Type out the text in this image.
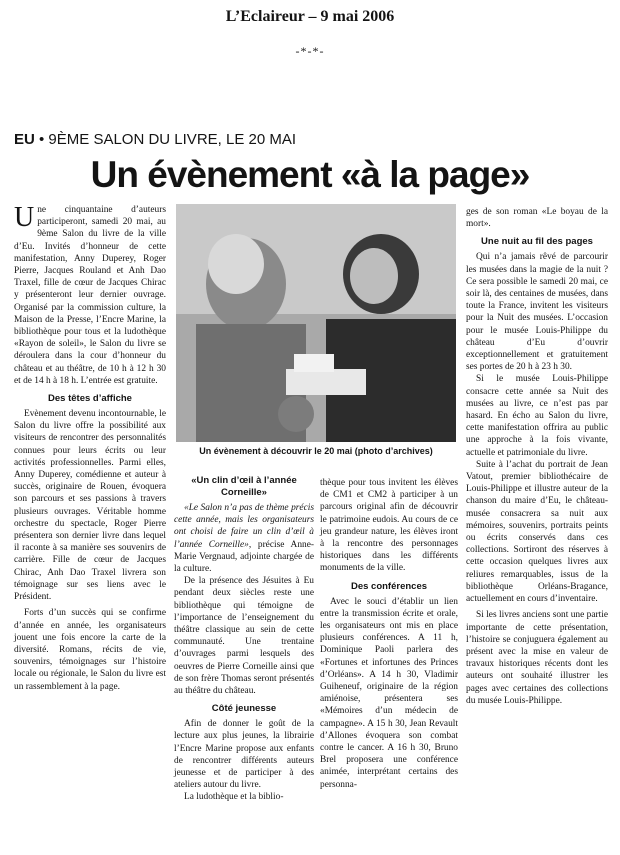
L’Eclaireur – 9 mai 2006
-*-*-
EU • 9ÈME SALON DU LIVRE, LE 20 MAI
Un évènement «à la page»
Un évènement à découvrir le 20 mai (photo d’archives)

Une cinquantaine d’auteurs participeront, samedi 20 mai, au 9ème Salon du livre de la ville d’Eu. Invités d’honneur de cette manifestation, Anny Duperey, Roger Pierre, Jacques Rouland et Anh Dao Traxel, fille de cœur de Jacques Chirac y présenteront leur dernier ouvrage. Organisé par la commission culture, la Maison de la Presse, l’Encre Marine, la bibliothèque pour tous et la ludothèque «Rayon de soleil», le Salon du livre se déroulera dans la cour d’honneur du château et au théâtre, de 10 h à 12 h 30 et de 14 h à 18 h. L’entrée est gratuite.

Des têtes d’affiche

Evènement devenu incontournable, le Salon du livre offre la possibilité aux visiteurs de rencontrer des personnalités connues pour leurs écrits ou leur activités professionnelles. Parmi elles, Anny Duperey, comédienne et auteur à succès, originaire de Rouen, évoquera son parcours et ses passions à travers plusieurs ouvrages. Véritable homme orchestre du spectacle, Roger Pierre présentera son dernier livre dans lequel il raconte à sa manière ses souvenirs de carrière. Fille de cœur de Jacques Chirac, Anh Dao Traxel livrera son témoignage sur ses liens avec le Président.

Forts d’un succès qui se confirme d’année en année, les organisateurs jouent une fois encore la carte de la diversité. Romans, récits de vie, souvenirs, témoignages sur l’histoire locale ou régionale, le Salon du livre est un rassemblement à la page.

«Un clin d’œil à l’année Corneille»

«Le Salon n’a pas de thème précis cette année, mais les organisateurs ont choisi de faire un clin d’œil à l’année Corneille», précise Anne-Marie Vergnaud, adjointe chargée de la culture.

De la présence des Jésuites à Eu pendant deux siècles reste une bibliothèque qui témoigne de l’importance de l’enseignement du théâtre classique au sein de cette communauté. Une trentaine d’ouvrages parmi lesquels des oeuvres de Pierre Corneille ainsi que de son frère Thomas seront présentés au théâtre du château.

Côté jeunesse

Afin de donner le goût de la lecture aux plus jeunes, la librairie l’Encre Marine propose aux enfants de rencontrer différents auteurs jeunesse et de participer à des ateliers autour du livre.

La ludothèque et la biblio-

thèque pour tous invitent les élèves de CM1 et CM2 à participer à un parcours original afin de découvrir le patrimoine eudois. Au cours de ce jeu grandeur nature, les élèves iront à la rencontre des personnages historiques dans les différents monuments de la ville.

Des conférences

Avec le souci d’établir un lien entre la transmission écrite et orale, les organisateurs ont mis en place plusieurs conférences. A 11 h, Dominique Paoli parlera des «Fortunes et infortunes des Princes d’Orléans». A 14 h 30, Vladimir Guiheneuf, originaire de la région amiénoise, présentera ses «Mémoires d’un médecin de campagne». A 15 h 30, Jean Revault d’Allones évoquera son combat contre le cancer. A 16 h 30, Bruno Brel proposera une conférence animée, interprétant certains des personna-

ges de son roman «Le boyau de la mort».

Une nuit au fil des pages

Qui n’a jamais rêvé de parcourir les musées dans la magie de la nuit ? Ce sera possible le samedi 20 mai, ce soir là, des centaines de musées, dans toute la France, invitent les visiteurs pour la Nuit des musées. L’occasion pour le musée Louis-Philippe du château d’Eu d’ouvrir exceptionnellement et gratuitement ses portes de 20 h à 23 h 30.

Si le musée Louis-Philippe consacre cette année sa Nuit des musées au livre, ce n’est pas par hasard. En écho au Salon du livre, cette manifestation offrira au public une approche à la fois vivante, actuelle et patrimoniale du livre.

Suite à l’achat du portrait de Jean Vatout, premier bibliothécaire de Louis-Philippe et illustre auteur de la chanson du maire d’Eu, le château-musée consacrera sa nuit aux mémoires, souvenirs, portraits peints ou écrits conservés dans ces collections. Sortiront des réserves à cette occasion quelques livres aux reliures remarquables, issus de la bibliothèque Orléans-Bragance, actuellement en cours d’inventaire.

Si les livres anciens sont une partie importante de cette présentation, l’histoire se conjuguera également au présent avec la mise en valeur de travaux historiques récents dont les auteurs ont souhaité illustrer les pages avec certaines des collections du musée Louis-Philippe.
